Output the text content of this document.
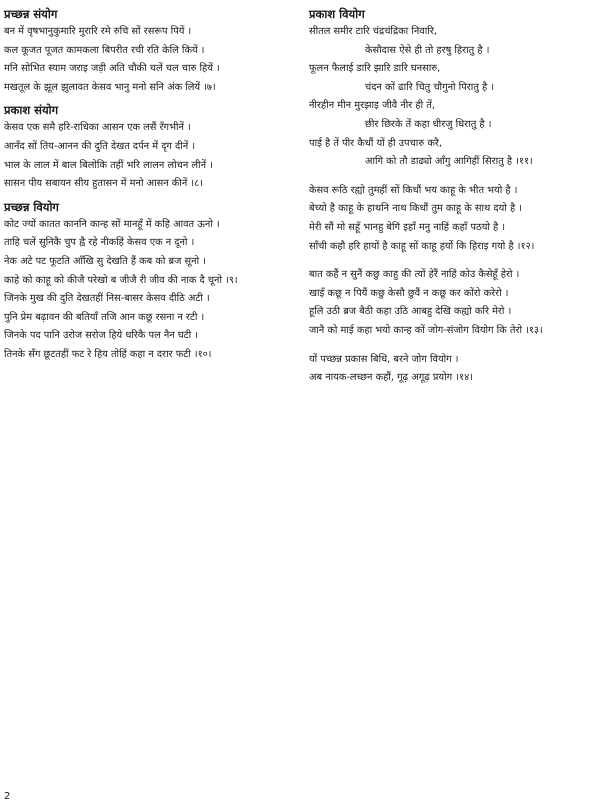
प्रच्छन्न संयोग

बन में वृषभानुकुमारि मुरारि रमे रुचि सों रसरूप पियें ।

कल कूजत पूजत कामकला बिपरीत रची रति केलि कियें ।

मनि सोभित स्याम जराइ जड़ी अति चौकी चलें चल चारु हियें ।

मखतूल के झूल झुलावत केसव भानु मनो सनि अंक लियें ।७।

प्रकाश संयोग

केसव एक समै हरि-राधिका आसन एक लसैं रँगभीनें ।

आनँद सों तिय-आनन की दुति देखत दर्पन में दृग दीनें ।

भाल के लाल में बाल बिलोकि तहीं भरि लालन लोचन लीनें ।

सासन पीय सबायन सीय हुतासन में मनो आसन कीनें ।८।

प्रच्छन्न वियोग

कोट ज्यों कातत काननि कान्ह सों मानहूँ में कहि आवत ऊनो ।

ताहि चलें सुनिकै चुप ह्वै रहे नीकहिं केसव एक न दूनो ।

नेक अटे पट फूटति आँखि सु देखति हैं कब को ब्रज सूनो ।

काहे को काहू को कीजै परेखो ब जीजै री जीव की नाक दै चूनो ।९।

जिनके मुख की दुति देखतहीं निस-बासर केसव दीठि अटी ।

पुनि प्रेम बढ़ावन की बतियाँ तजि आन कछू रसना न रटी ।

जिनके पद पानि उरोज सरोज हिये धरिकै पल नैन घटी ।

तिनके सँग छूटतहीं फट रे हिय तोहिं कहा न दरार फटी ।१०।

प्रकाश वियोग

सीतल समीर टारि चंद्रचंद्रिका निवारि,

केसौदास ऐसे ही तो हरषु हिरातु है ।

फूलन फैलाई डारि झारि डारि घनसारु,

चंदन कों ढारि चितु चौगुनो पिरातु है ।

नीरहीन मीन मुरझाइ जीवै नीर ही तें,

छीर छिरके तें कहा धीरजु धिरातु है ।

पाई है तें पीर कैधौं यों ही उपचारु करै,

आगि को तौ डाढ्यो आँगु आगिहीं सिरातु है ।११।

केसव रूठि रह्यो तुमहीं सों किधौं भय काहू के भीत भयो है ।

बेच्यो है काहू के हाथनि नाथ किधौं तुम काहू के साथ दयो है ।

मेरी सौं मो सहूँ भानहु बेगि इहाँ मनु नाहिं कहाँ पठयो है ।

साँची कहौ हरि हायों है काहू सों काहू हर्यो कि हिराइ गयो है ।१२।

बात कहैं न सुनैं कछु काहु की त्यों हेरैं नाहिं कोउ कैसेहूँ हेरो ।

खाइँ कछू न पियैं कछु केसौ छुवैं न कछू कर कोंरो करेरो ।

हूलि उठी ब्रज बैठी कहा उठि आबहु देखि कह्यो करि मेरो ।

जानै को माई कहा भयो कान्ह कों जोग-संजोग वियोग कि तेरो ।१३।

यों पच्छन्न प्रकास बिधि, बरने जोग वियोग ।

अब नायक-लच्छन कहौं, गूढ़ अगूढ़ प्रयोग ।१४।

2
